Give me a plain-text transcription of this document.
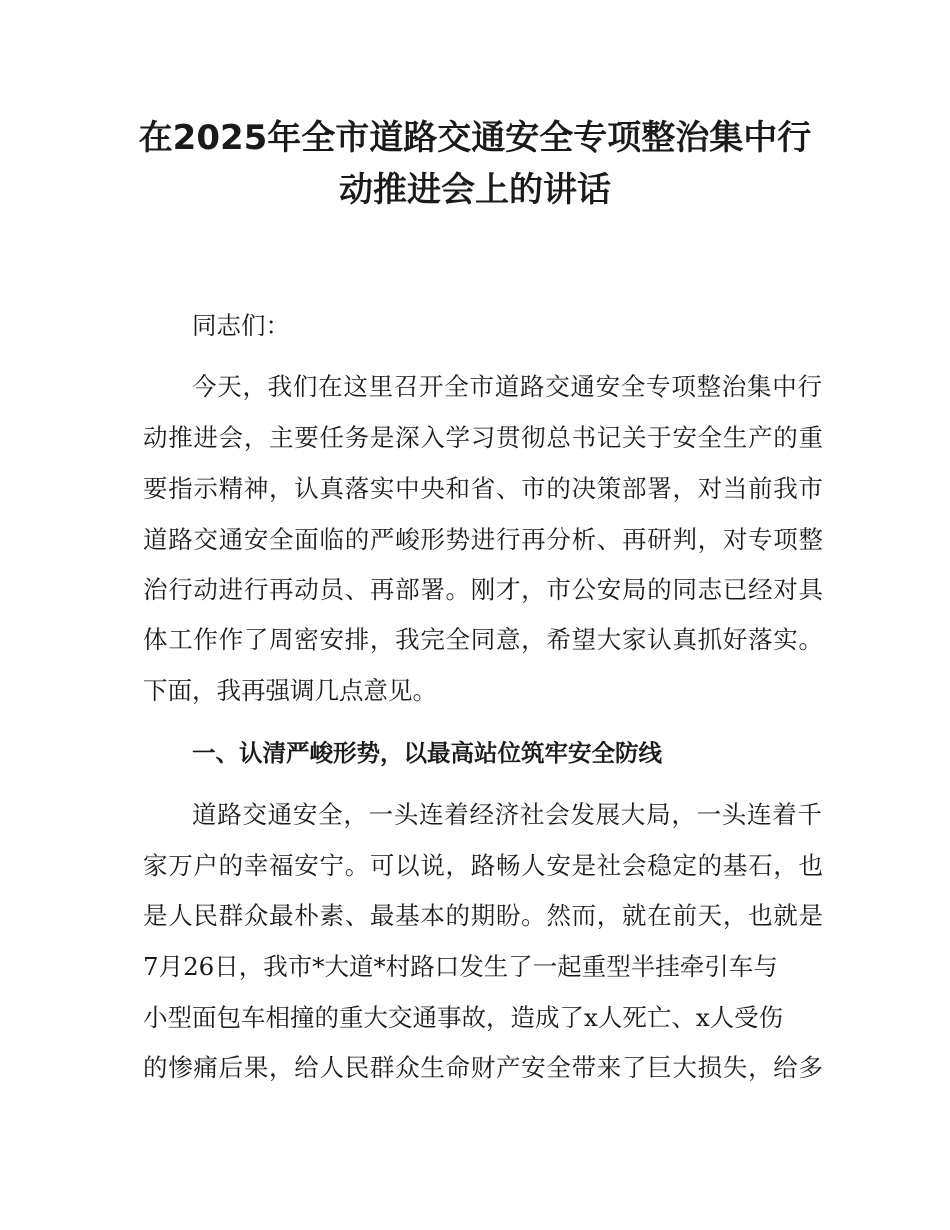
在2025年全市道路交通安全专项整治集中行
动推进会上的讲话
同志们：
今天，我们在这里召开全市道路交通安全专项整治集中行
动推进会，主要任务是深入学习贯彻总书记关于安全生产的重
要指示精神，认真落实中央和省、市的决策部署，对当前我市
道路交通安全面临的严峻形势进行再分析、再研判，对专项整
治行动进行再动员、再部署。刚才，市公安局的同志已经对具
体工作作了周密安排，我完全同意，希望大家认真抓好落实。
下面，我再强调几点意见。
一、认清严峻形势，以最高站位筑牢安全防线
道路交通安全，一头连着经济社会发展大局，一头连着千
家万户的幸福安宁。可以说，路畅人安是社会稳定的基石，也
是人民群众最朴素、最基本的期盼。然而，就在前天，也就是
7月26日，我市*大道*村路口发生了一起重型半挂牵引车与
小型面包车相撞的重大交通事故，造成了x人死亡、x人受伤
的惨痛后果，给人民群众生命财产安全带来了巨大损失，给多
